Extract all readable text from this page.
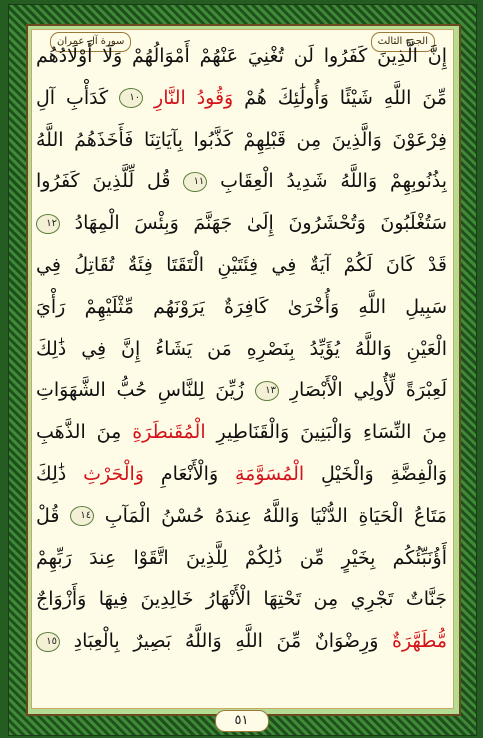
الجزء الثالث
سورة آل عمران
إِنَّ الَّذِينَ كَفَرُوا لَن تُغْنِيَ عَنْهُمْ أَمْوَالُهُمْ وَلَا أَوْلَادُهُم
مِّنَ اللَّهِ شَيْئًا وَأُولَٰئِكَ هُمْ وَقُودُ النَّارِ ١٠ كَدَأْبِ آلِ
فِرْعَوْنَ وَالَّذِينَ مِن قَبْلِهِمْ كَذَّبُوا بِآيَاتِنَا فَأَخَذَهُمُ اللَّهُ
بِذُنُوبِهِمْ وَاللَّهُ شَدِيدُ الْعِقَابِ ١١ قُل لِّلَّذِينَ كَفَرُوا
سَتُغْلَبُونَ وَتُحْشَرُونَ إِلَىٰ جَهَنَّمَ وَبِئْسَ الْمِهَادُ ١٢
قَدْ كَانَ لَكُمْ آيَةٌ فِي فِئَتَيْنِ الْتَقَتَا فِئَةٌ تُقَاتِلُ فِي
سَبِيلِ اللَّهِ وَأُخْرَىٰ كَافِرَةٌ يَرَوْنَهُم مِّثْلَيْهِمْ رَأْيَ
الْعَيْنِ وَاللَّهُ يُؤَيِّدُ بِنَصْرِهِ مَن يَشَاءُ إِنَّ فِي ذَٰلِكَ
لَعِبْرَةً لِّأُولِي الْأَبْصَارِ ١٣ زُيِّنَ لِلنَّاسِ حُبُّ الشَّهَوَاتِ
مِنَ النِّسَاءِ وَالْبَنِينَ وَالْقَنَاطِيرِ الْمُقَنطَرَةِ مِنَ الذَّهَبِ
وَالْفِضَّةِ وَالْخَيْلِ الْمُسَوَّمَةِ وَالْأَنْعَامِ وَالْحَرْثِ ذَٰلِكَ
مَتَاعُ الْحَيَاةِ الدُّنْيَا وَاللَّهُ عِندَهُ حُسْنُ الْمَآبِ ١٤ قُلْ
أَؤُنَبِّئُكُم بِخَيْرٍ مِّن ذَٰلِكُمْ لِلَّذِينَ اتَّقَوْا عِندَ رَبِّهِمْ
جَنَّاتٌ تَجْرِي مِن تَحْتِهَا الْأَنْهَارُ خَالِدِينَ فِيهَا وَأَزْوَاجٌ
مُّطَهَّرَةٌ وَرِضْوَانٌ مِّنَ اللَّهِ وَاللَّهُ بَصِيرٌ بِالْعِبَادِ ١٥
٥١
